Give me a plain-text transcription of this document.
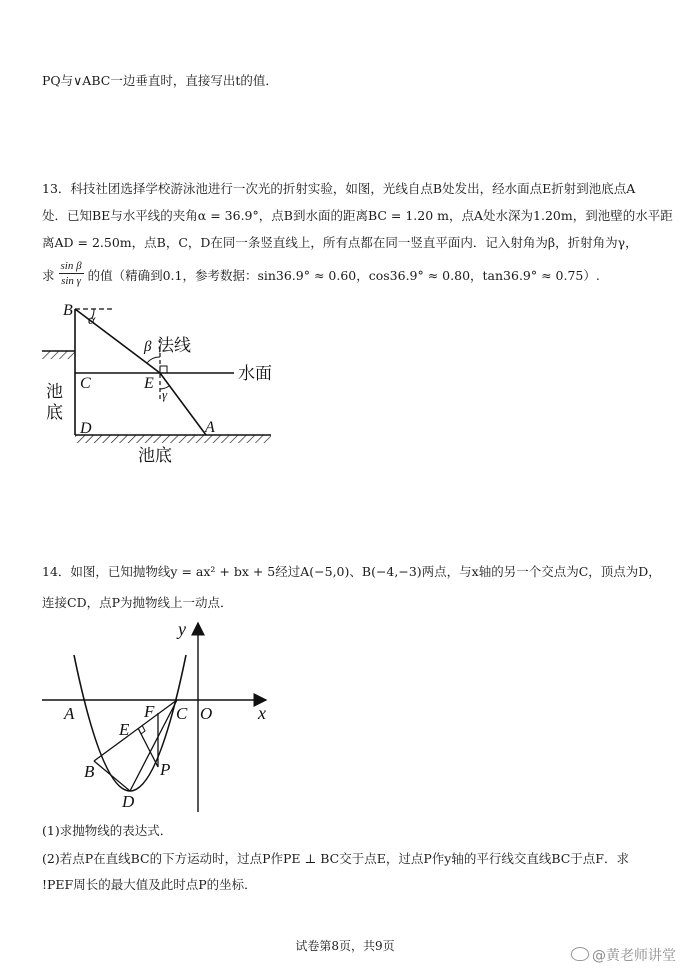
PQ与∨ABC一边垂直时，直接写出t的值．
13．科技社团选择学校游泳池进行一次光的折射实验，如图，光线自点B处发出，经水面点E折射到池底点A
处．已知BE与水平线的夹角α = 36.9°，点B到水面的距离BC = 1.20 m，点A处水深为1.20m，到池壁的水平距
离AD = 2.50m，点B，C，D在同一条竖直线上，所有点都在同一竖直平面内．记入射角为β，折射角为γ，
求 $\frac{\text{sin β}}{\text{sin γ}}$ 的值（精确到0.1，参考数据：sin36.9° ≈ 0.60，cos36.9° ≈ 0.80，tan36.9° ≈ 0.75）.
B
α
β 法线
C	E
γ
水面
池
底
D	A
池底
14．如图，已知抛物线y = ax² + bx + 5经过A(−5,0)、B(−4,−3)两点，与x轴的另一个交点为C，顶点为D，
连接CD，点P为抛物线上一动点．
A	F C O	x
y
E
B	P
D
(1)求抛物线的表达式．
(2)若点P在直线BC的下方运动时，过点P作PE ⊥ BC交于点E，过点P作y轴的平行线交直线BC于点F．求
!PEF周长的最大值及此时点P的坐标．
试卷第8页，共9页
@黄老师讲堂
